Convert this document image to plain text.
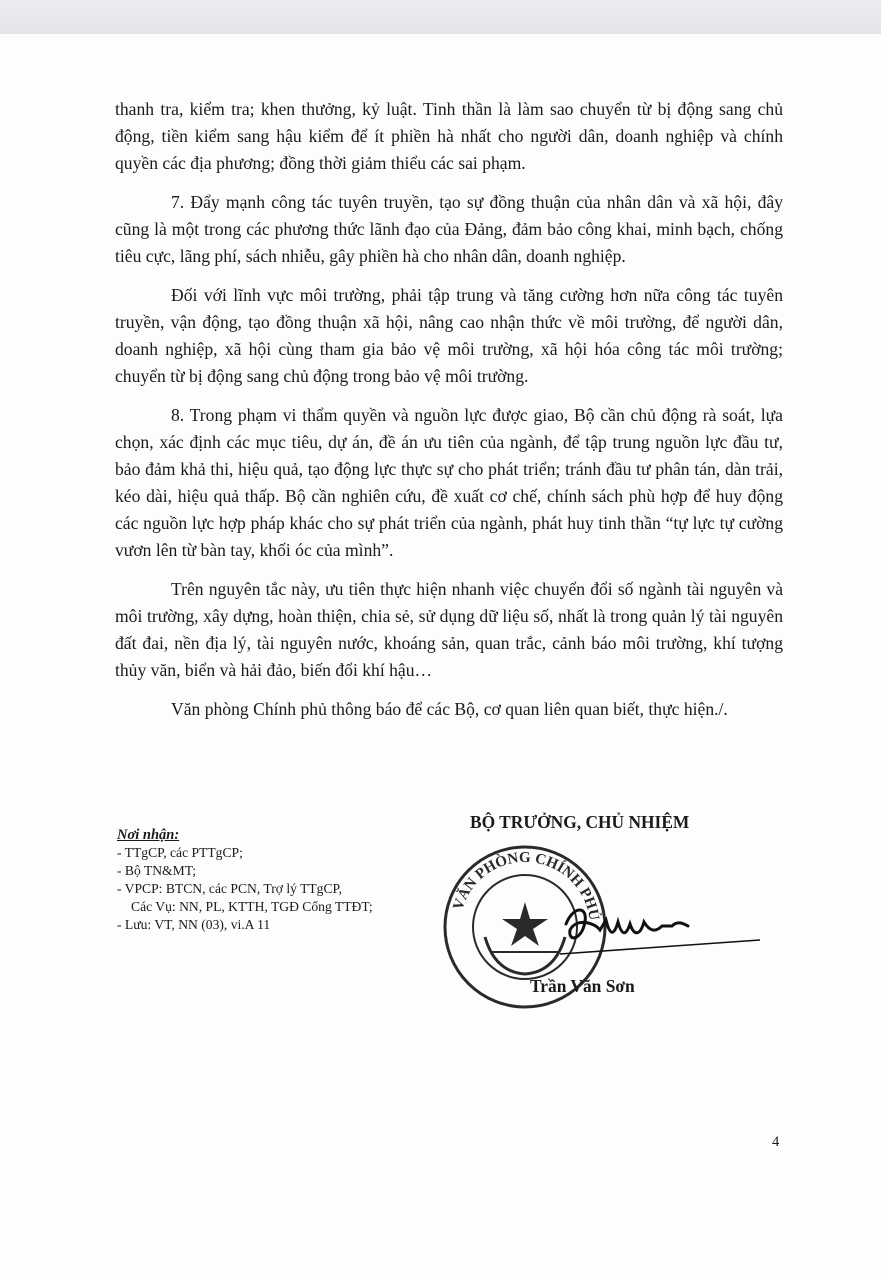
thanh tra, kiểm tra; khen thưởng, kỷ luật. Tinh thần là làm sao chuyển từ bị động sang chủ động, tiền kiểm sang hậu kiểm để ít phiền hà nhất cho người dân, doanh nghiệp và chính quyền các địa phương; đồng thời giảm thiểu các sai phạm.

7. Đẩy mạnh công tác tuyên truyền, tạo sự đồng thuận của nhân dân và xã hội, đây cũng là một trong các phương thức lãnh đạo của Đảng, đảm bảo công khai, minh bạch, chống tiêu cực, lãng phí, sách nhiễu, gây phiền hà cho nhân dân, doanh nghiệp.

Đối với lĩnh vực môi trường, phải tập trung và tăng cường hơn nữa công tác tuyên truyền, vận động, tạo đồng thuận xã hội, nâng cao nhận thức về môi trường, để người dân, doanh nghiệp, xã hội cùng tham gia bảo vệ môi trường, xã hội hóa công tác môi trường; chuyển từ bị động sang chủ động trong bảo vệ môi trường.

8. Trong phạm vi thẩm quyền và nguồn lực được giao, Bộ cần chủ động rà soát, lựa chọn, xác định các mục tiêu, dự án, đề án ưu tiên của ngành, để tập trung nguồn lực đầu tư, bảo đảm khả thi, hiệu quả, tạo động lực thực sự cho phát triển; tránh đầu tư phân tán, dàn trải, kéo dài, hiệu quả thấp. Bộ cần nghiên cứu, đề xuất cơ chế, chính sách phù hợp để huy động các nguồn lực hợp pháp khác cho sự phát triển của ngành, phát huy tinh thần “tự lực tự cường vươn lên từ bàn tay, khối óc của mình”.

Trên nguyên tắc này, ưu tiên thực hiện nhanh việc chuyển đổi số ngành tài nguyên và môi trường, xây dựng, hoàn thiện, chia sẻ, sử dụng dữ liệu số, nhất là trong quản lý tài nguyên đất đai, nền địa lý, tài nguyên nước, khoáng sản, quan trắc, cảnh báo môi trường, khí tượng thủy văn, biển và hải đảo, biến đổi khí hậu…

Văn phòng Chính phủ thông báo để các Bộ, cơ quan liên quan biết, thực hiện./.

Nơi nhận:
- TTgCP, các PTTgCP;
- Bộ TN&MT;
- VPCP: BTCN, các PCN, Trợ lý TTgCP,
Các Vụ: NN, PL, KTTH, TGĐ Cổng TTĐT;
- Lưu: VT, NN (03), vi.A 11
BỘ TRƯỞNG, CHỦ NHIỆM
VĂN PHÒNG CHÍNH PHỦ
Trần Văn Sơn
4
